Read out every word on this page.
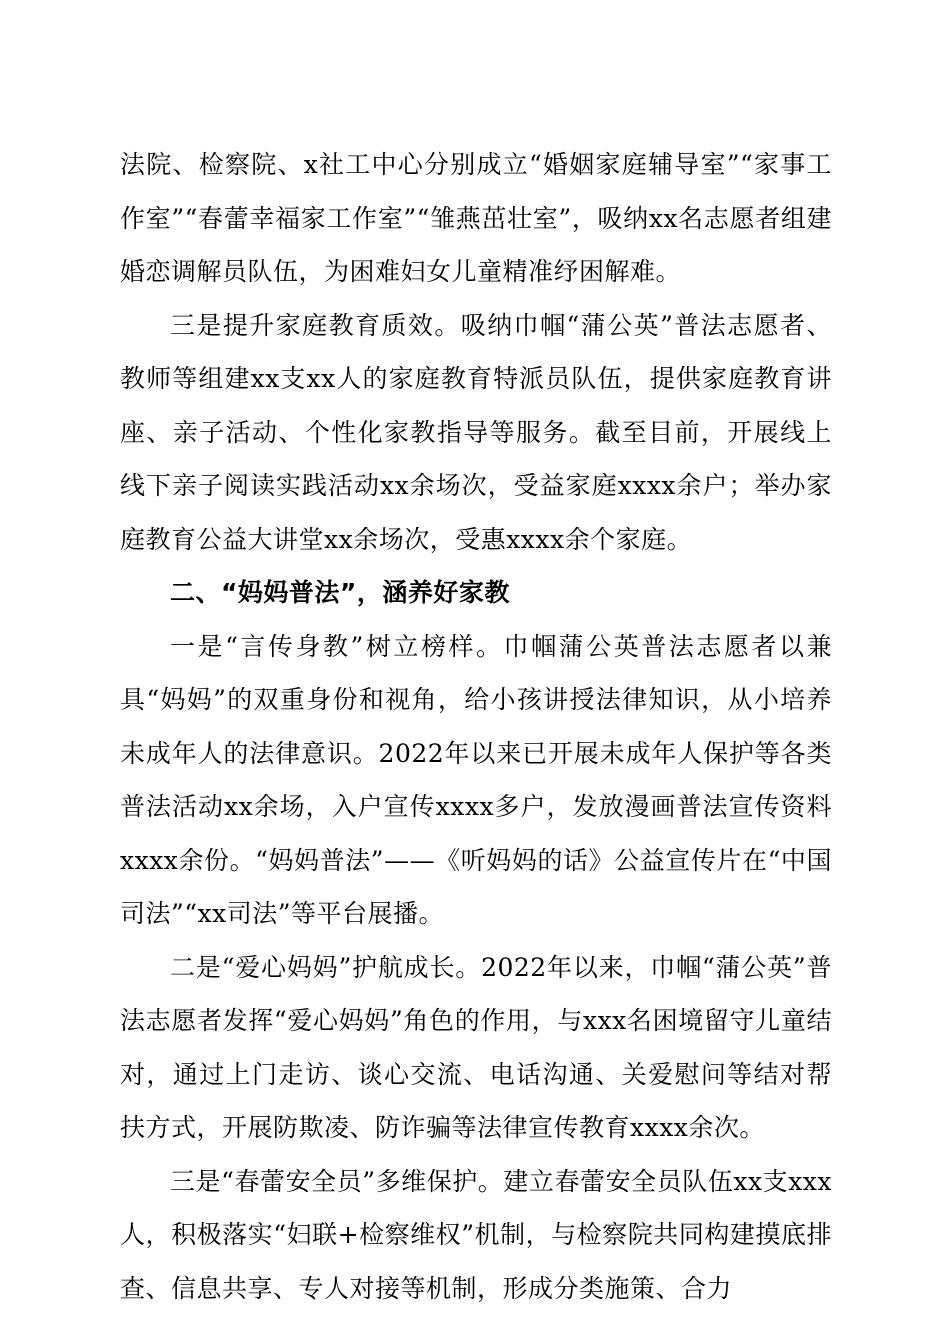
法院、检察院、x社工中心分别成立“婚姻家庭辅导室”“家事工作室”“春蕾幸福家工作室”“雏燕茁壮室”，吸纳xx名志愿者组建婚恋调解员队伍，为困难妇女儿童精准纾困解难。

三是提升家庭教育质效。吸纳巾帼“蒲公英”普法志愿者、教师等组建xx支xx人的家庭教育特派员队伍，提供家庭教育讲座、亲子活动、个性化家教指导等服务。截至目前，开展线上线下亲子阅读实践活动xx余场次，受益家庭xxxx余户；举办家庭教育公益大讲堂xx余场次，受惠xxxx余个家庭。

二、“妈妈普法”，涵养好家教

一是“言传身教”树立榜样。巾帼蒲公英普法志愿者以兼具“妈妈”的双重身份和视角，给小孩讲授法律知识，从小培养未成年人的法律意识。2022年以来已开展未成年人保护等各类普法活动xx余场，入户宣传xxxx多户，发放漫画普法宣传资料xxxx余份。“妈妈普法”——《听妈妈的话》公益宣传片在“中国司法”“xx司法”等平台展播。

二是“爱心妈妈”护航成长。2022年以来，巾帼“蒲公英”普法志愿者发挥“爱心妈妈”角色的作用，与xxx名困境留守儿童结对，通过上门走访、谈心交流、电话沟通、关爱慰问等结对帮扶方式，开展防欺凌、防诈骗等法律宣传教育xxxx余次。

三是“春蕾安全员”多维保护。建立春蕾安全员队伍xx支xxx人，积极落实“妇联+检察维权”机制，与检察院共同构建摸底排查、信息共享、专人对接等机制，形成分类施策、合力
